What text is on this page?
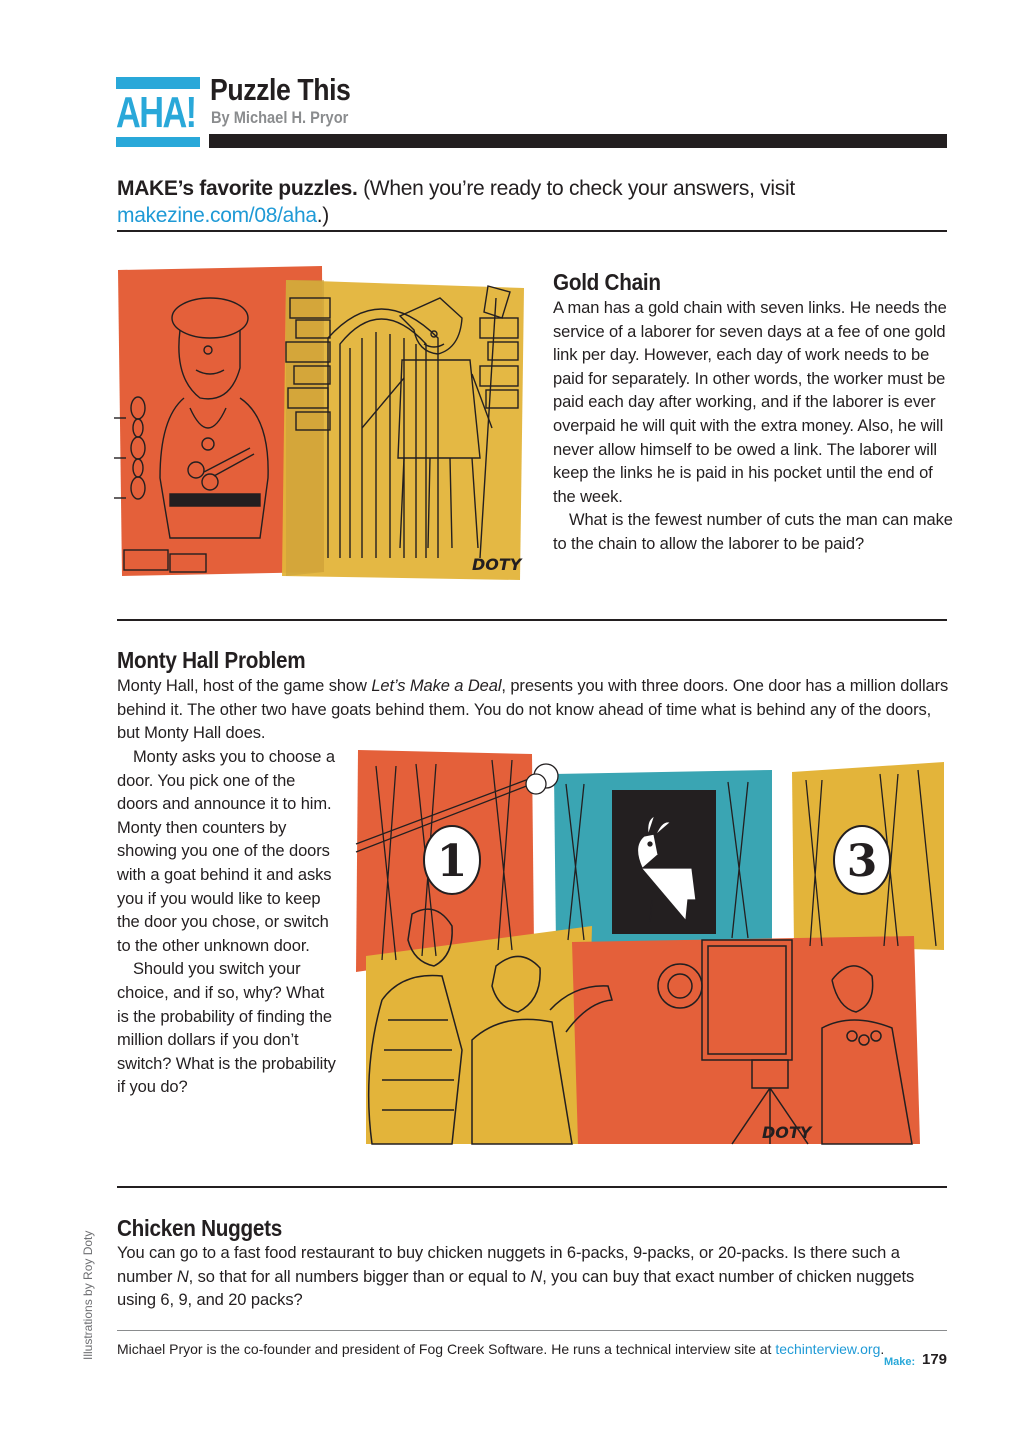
AHA! Puzzle This
By Michael H. Pryor
MAKE’s favorite puzzles. (When you’re ready to check your answers, visit makezine.com/08/aha.)
DOTY
Gold Chain
A man has a gold chain with seven links. He needs the service of a laborer for seven days at a fee of one gold link per day. However, each day of work needs to be paid for separately. In other words, the worker must be paid each day after working, and if the laborer is ever overpaid he will quit with the extra money. Also, he will never allow himself to be owed a link. The laborer will keep the links he is paid in his pocket until the end of the week.
What is the fewest number of cuts the man can make to the chain to allow the laborer to be paid?
Monty Hall Problem
Monty Hall, host of the game show Let’s Make a Deal, presents you with three doors. One door has a million dollars behind it. The other two have goats behind them. You do not know ahead of time what is behind any of the doors, but Monty Hall does.
Monty asks you to choose a door. You pick one of the doors and announce it to him. Monty then counters by showing you one of the doors with a goat behind it and asks you if you would like to keep the door you chose, or switch to the other unknown door.
Should you switch your choice, and if so, why? What is the probability of finding the million dollars if you don’t switch? What is the probability if you do?
1	3
DOTY
Chicken Nuggets
You can go to a fast food restaurant to buy chicken nuggets in 6-packs, 9-packs, or 20-packs. Is there such a number N, so that for all numbers bigger than or equal to N, you can buy that exact number of chicken nuggets using 6, 9, and 20 packs?
Michael Pryor is the co-founder and president of Fog Creek Software. He runs a technical interview site at techinterview.org.
Illustrations by Roy Doty
Make: 179
